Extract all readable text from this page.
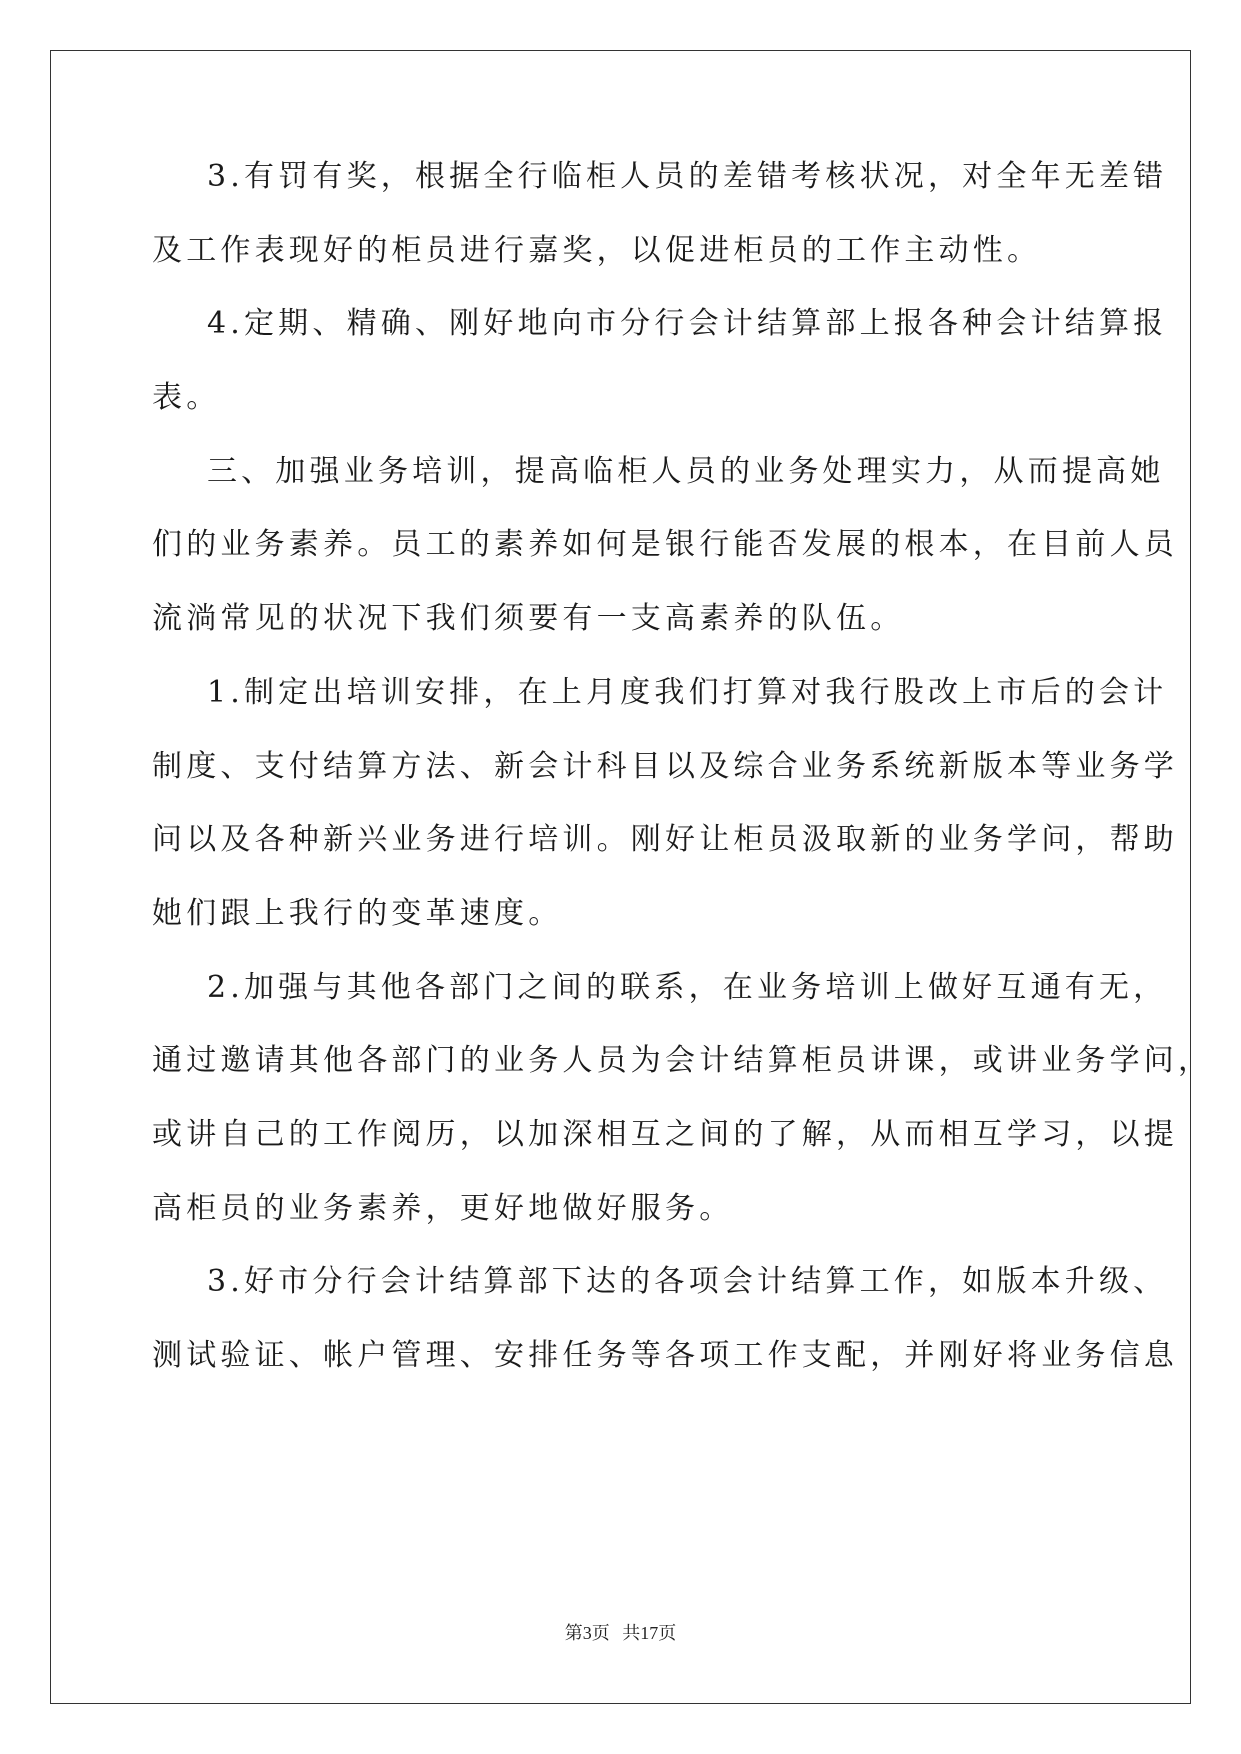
3.有罚有奖，根据全行临柜人员的差错考核状况，对全年无差错
及工作表现好的柜员进行嘉奖，以促进柜员的工作主动性。
4.定期、精确、刚好地向市分行会计结算部上报各种会计结算报
表。
三、加强业务培训，提高临柜人员的业务处理实力，从而提高她
们的业务素养。员工的素养如何是银行能否发展的根本，在目前人员
流淌常见的状况下我们须要有一支高素养的队伍。
1.制定出培训安排，在上月度我们打算对我行股改上市后的会计
制度、支付结算方法、新会计科目以及综合业务系统新版本等业务学
问以及各种新兴业务进行培训。刚好让柜员汲取新的业务学问，帮助
她们跟上我行的变革速度。
2.加强与其他各部门之间的联系，在业务培训上做好互通有无，
通过邀请其他各部门的业务人员为会计结算柜员讲课，或讲业务学问，
或讲自己的工作阅历，以加深相互之间的了解，从而相互学习，以提
高柜员的业务素养，更好地做好服务。
3.好市分行会计结算部下达的各项会计结算工作，如版本升级、
测试验证、帐户管理、安排任务等各项工作支配，并刚好将业务信息
第3页 共17页
